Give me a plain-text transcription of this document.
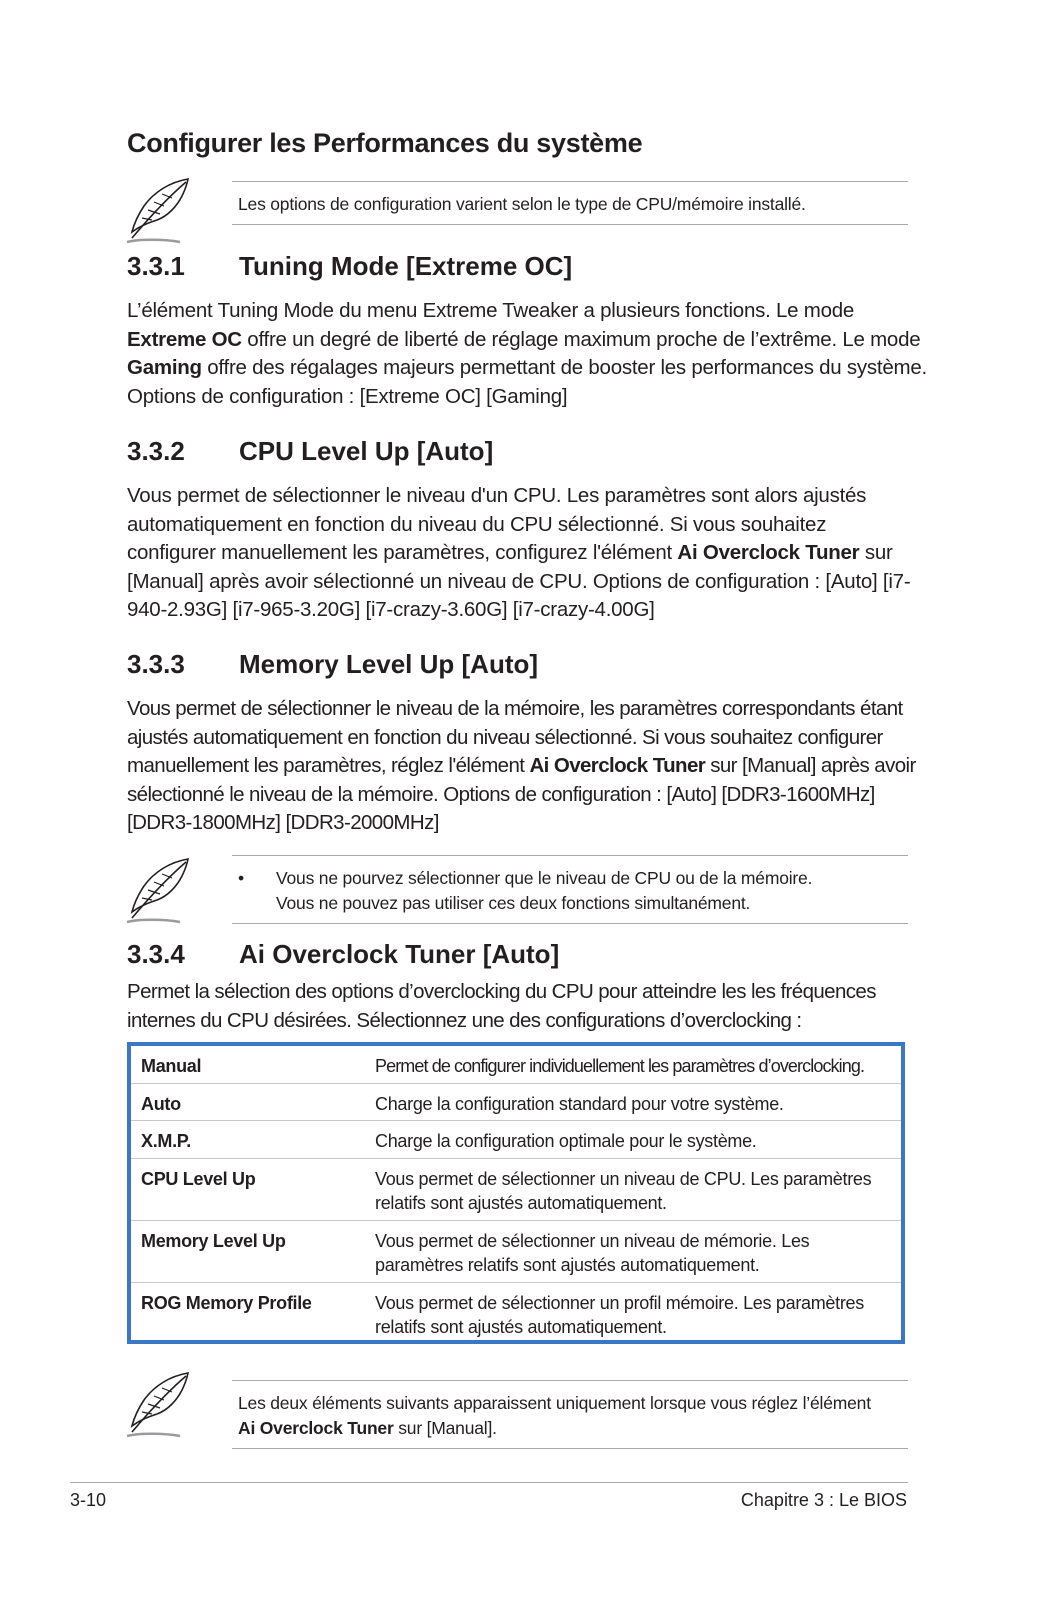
Configurer les Performances du système
Les options de configuration varient selon le type de CPU/mémoire installé.
3.3.1 Tuning Mode [Extreme OC]
L’élément Tuning Mode du menu Extreme Tweaker a plusieurs fonctions. Le mode Extreme OC offre un degré de liberté de réglage maximum proche de l’extrême. Le mode Gaming offre des régalages majeurs permettant de booster les performances du système. Options de configuration : [Extreme OC] [Gaming]
3.3.2 CPU Level Up [Auto]
Vous permet de sélectionner le niveau d'un CPU. Les paramètres sont alors ajustés automatiquement en fonction du niveau du CPU sélectionné. Si vous souhaitez configurer manuellement les paramètres, configurez l'élément Ai Overclock Tuner sur [Manual] après avoir sélectionné un niveau de CPU. Options de configuration : [Auto] [i7-940-2.93G] [i7-965-3.20G] [i7-crazy-3.60G] [i7-crazy-4.00G]
3.3.3 Memory Level Up [Auto]
Vous permet de sélectionner le niveau de la mémoire, les paramètres correspondants étant ajustés automatiquement en fonction du niveau sélectionné. Si vous souhaitez configurer manuellement les paramètres, réglez l'élément Ai Overclock Tuner sur [Manual] après avoir sélectionné le niveau de la mémoire. Options de configuration : [Auto] [DDR3-1600MHz] [DDR3-1800MHz] [DDR3-2000MHz]
• Vous ne pourvez sélectionner que le niveau de CPU ou de la mémoire.
Vous ne pouvez pas utiliser ces deux fonctions simultanément.
3.3.4 Ai Overclock Tuner [Auto]
Permet la sélection des options d’overclocking du CPU pour atteindre les les fréquences internes du CPU désirées. Sélectionnez une des configurations d’overclocking :
Manual	Permet de configurer individuellement les paramètres d’overclocking.
Auto	Charge la configuration standard pour votre système.
X.M.P.	Charge la configuration optimale pour le système.
CPU Level Up	Vous permet de sélectionner un niveau de CPU. Les paramètres relatifs sont ajustés automatiquement.
Memory Level Up	Vous permet de sélectionner un niveau de mémorie. Les paramètres relatifs sont ajustés automatiquement.
ROG Memory Profile	Vous permet de sélectionner un profil mémoire. Les paramètres relatifs sont ajustés automatiquement.
Les deux éléments suivants apparaissent uniquement lorsque vous réglez l’élément Ai Overclock Tuner sur [Manual].
3-10	Chapitre 3 : Le BIOS
